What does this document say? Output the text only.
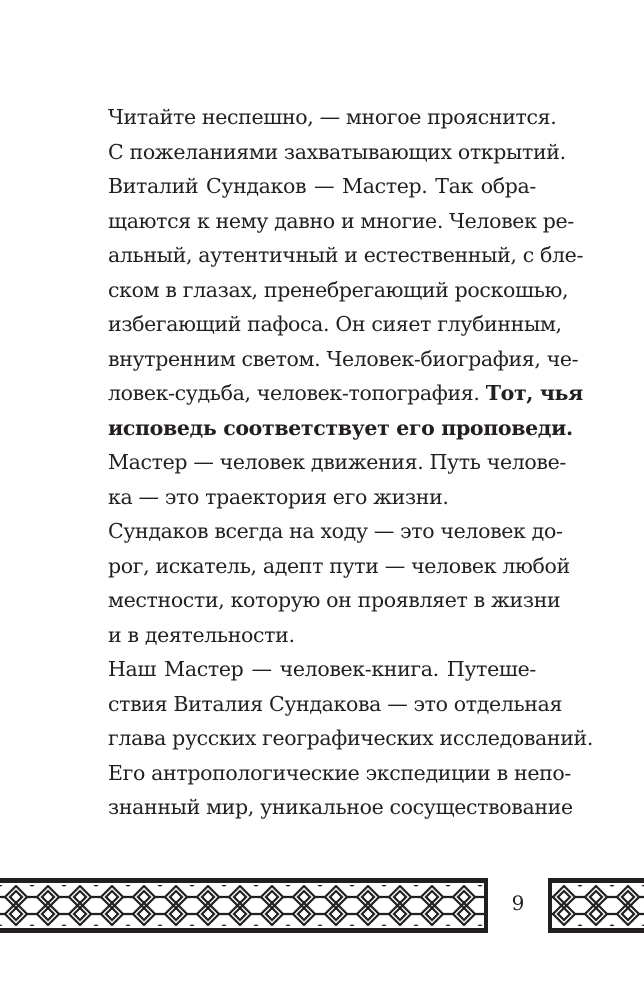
Читайте неспешно, — многое прояснится.
С пожеланиями захватывающих открытий.
Виталий Сундаков — Мастер. Так обра-
щаются к нему давно и многие. Человек ре-
альный, аутентичный и естественный, с бле-
ском в глазах, пренебрегающий роскошью,
избегающий пафоса. Он сияет глубинным,
внутренним светом. Человек-биография, че-
ловек-судьба, человек-топография. Тот, чья
исповедь соответствует его проповеди.
Мастер — человек движения. Путь челове-
ка — это траектория его жизни.
Сундаков всегда на ходу — это человек до-
рог, искатель, адепт пути — человек любой
местности, которую он проявляет в жизни
и в деятельности.
Наш Мастер — человек-книга. Путеше-
ствия Виталия Сундакова — это отдельная
глава русских географических исследований.
Его антропологические экспедиции в непо-
знанный мир, уникальное сосуществование
9
